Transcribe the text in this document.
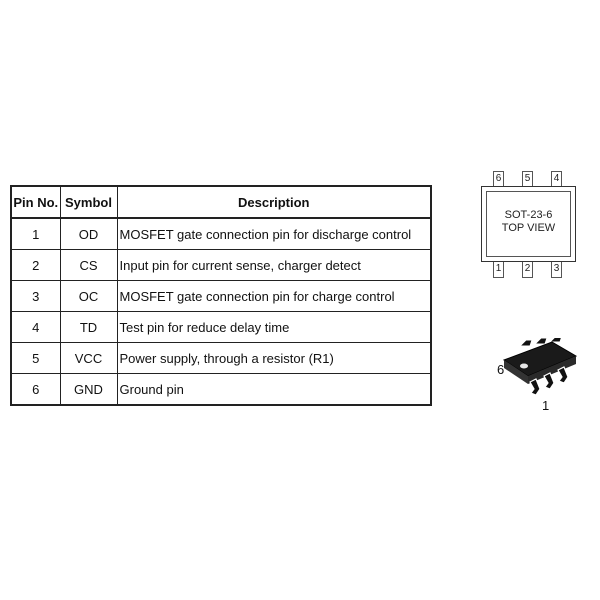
Pin No.	Symbol	Description
1	OD	MOSFET gate connection pin for discharge control
2	CS	Input pin for current sense, charger detect
3	OC	MOSFET gate connection pin for charge control
4	TD	Test pin for reduce delay time
5	VCC	Power supply, through a resistor (R1)
6	GND	Ground pin
6 5 4
SOT-23-6
TOP VIEW
1 2 3
6
1
